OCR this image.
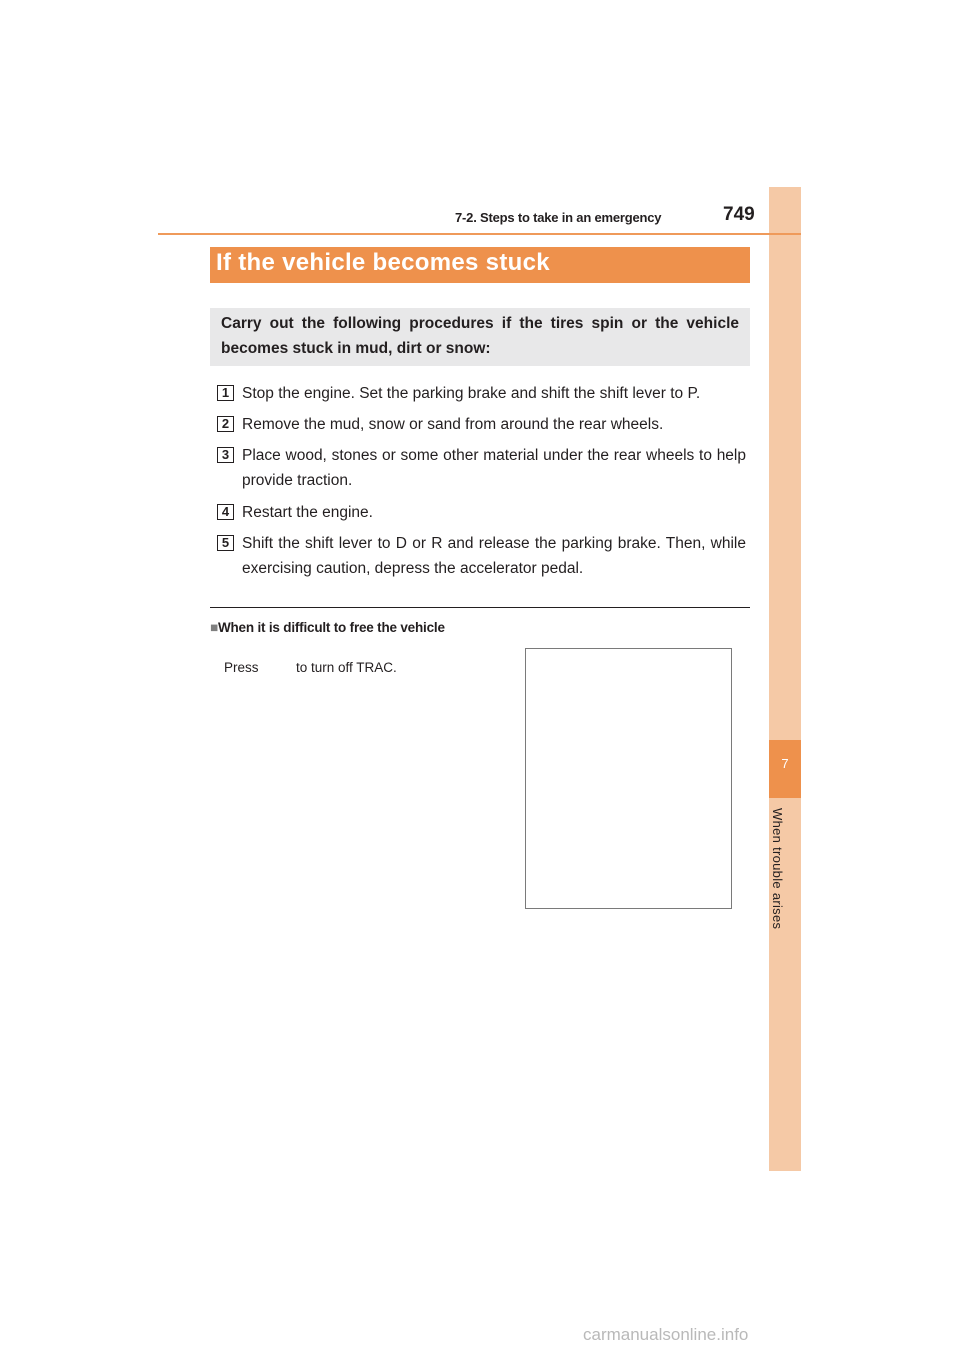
7
When trouble arises
7-2. Steps to take in an emergency	749
If the vehicle becomes stuck
Carry out the following procedures if the tires spin or the vehicle becomes stuck in mud, dirt or snow:
1 Stop the engine. Set the parking brake and shift the shift lever to P.
2 Remove the mud, snow or sand from around the rear wheels.
3 Place wood, stones or some other material under the rear wheels to help provide traction.
4 Restart the engine.
5 Shift the shift lever to D or R and release the parking brake. Then, while exercising caution, depress the accelerator pedal.
■When it is difficult to free the vehicle
Press          to turn off TRAC.
carmanualsonline.info
